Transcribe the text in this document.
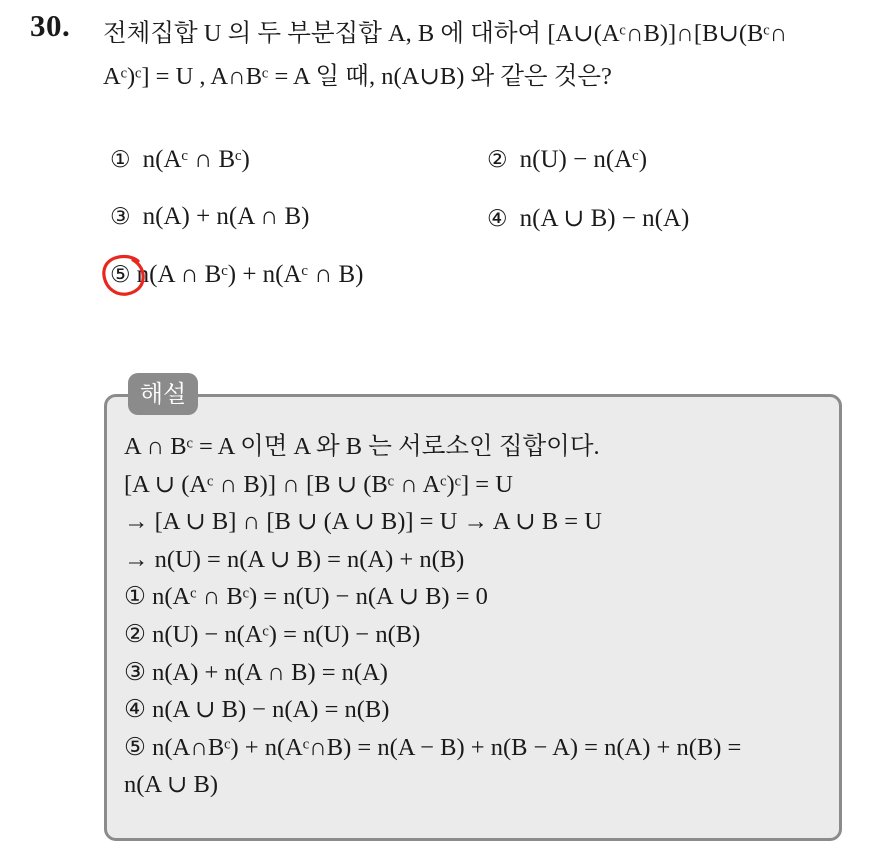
30. 전체집합 U 의 두 부분집합 A, B 에 대하여 [A∪(Aᶜ∩B)]∩[B∪(Bᶜ∩
Aᶜ)ᶜ] = U , A∩Bᶜ = A 일 때, n(A∪B) 와 같은 것은?
① n(Aᶜ ∩ Bᶜ)	② n(U) − n(Aᶜ)
③ n(A) + n(A ∩ B)	④ n(A ∪ B) − n(A)
⑤ n(A ∩ Bᶜ) + n(Aᶜ ∩ B)
해설
A ∩ Bᶜ = A 이면 A 와 B 는 서로소인 집합이다.
[A ∪ (Aᶜ ∩ B)] ∩ [B ∪ (Bᶜ ∩ Aᶜ)ᶜ] = U
→ [A ∪ B] ∩ [B ∪ (A ∪ B)] = U → A ∪ B = U
→ n(U) = n(A ∪ B) = n(A) + n(B)
① n(Aᶜ ∩ Bᶜ) = n(U) − n(A ∪ B) = 0
② n(U) − n(Aᶜ) = n(U) − n(B)
③ n(A) + n(A ∩ B) = n(A)
④ n(A ∪ B) − n(A) = n(B)
⑤ n(A∩Bᶜ) + n(Aᶜ∩B) = n(A − B) + n(B − A) = n(A) + n(B) =
n(A ∪ B)
